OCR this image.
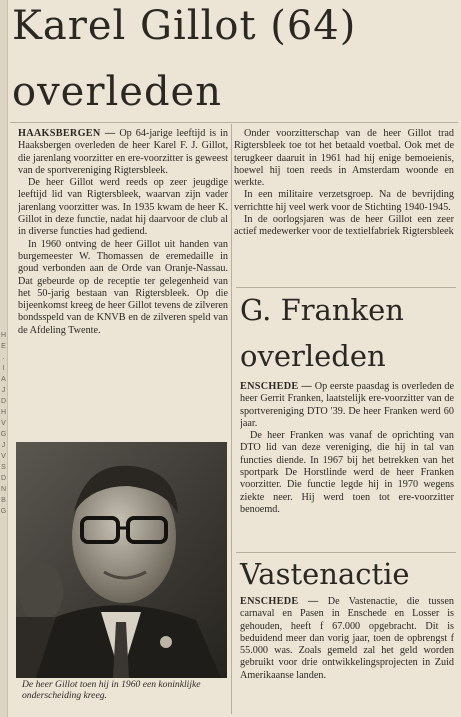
H
E
.
I
A
J
D
H
V
G
J
V
S
D
N
B
G
Karel Gillot (64)
overleden

HAAKSBERGEN — Op 64-jarige leeftijd is in Haaksbergen overleden de heer Karel F. J. Gillot, die jarenlang voorzitter en ere-voorzitter is geweest van de sportvereniging Rigtersbleek.

De heer Gillot werd reeds op zeer jeugdige leeftijd lid van Rigtersbleek, waarvan zijn vader jarenlang voorzitter was. In 1935 kwam de heer K. Gillot in deze functie, nadat hij daarvoor de club al in diverse functies had gediend.

In 1960 ontving de heer Gillot uit handen van burgemeester W. Thomassen de eremedaille in goud verbonden aan de Orde van Oranje-Nassau. Dat gebeurde op de receptie ter gelegenheid van het 50-jarig bestaan van Rigtersbleek. Op die bijeenkomst kreeg de heer Gillot tevens de zilveren bondsspeld van de KNVB en de zilveren speld van de Afdeling Twente.

De heer Gillot toen hij in 1960 een koninklijke onderscheiding kreeg.

Onder voorzitterschap van de heer Gillot trad Rigtersbleek toe tot het betaald voetbal. Ook met de terugkeer daaruit in 1961 had hij enige bemoeienis, hoewel hij toen reeds in Amsterdam woonde en werkte.

In een militaire verzetsgroep. Na de bevrijding verrichtte hij veel werk voor de Stichting 1940-1945.

In de oorlogsjaren was de heer Gillot een zeer actief medewerker voor de textielfabriek Rigtersbleek

G. Franken
overleden

ENSCHEDE — Op eerste paasdag is overleden de heer Gerrit Franken, laatstelijk ere-voorzitter van de sportvereniging DTO '39. De heer Franken werd 60 jaar.

De heer Franken was vanaf de oprichting van DTO lid van deze vereniging, die hij in tal van functies diende. In 1967 bij het betrekken van het sportpark De Horstlinde werd de heer Franken voorzitter. Die functie legde hij in 1970 wegens ziekte neer. Hij werd toen tot ere-voorzitter benoemd.

Vastenactie

ENSCHEDE — De Vastenactie, die tussen carnaval en Pasen in Enschede en Losser is gehouden, heeft f 67.000 opgebracht. Dit is beduidend meer dan vorig jaar, toen de opbrengst f 55.000 was. Zoals gemeld zal het geld worden gebruikt voor drie ontwikkelingsprojecten in Zuid Amerikaanse landen.
